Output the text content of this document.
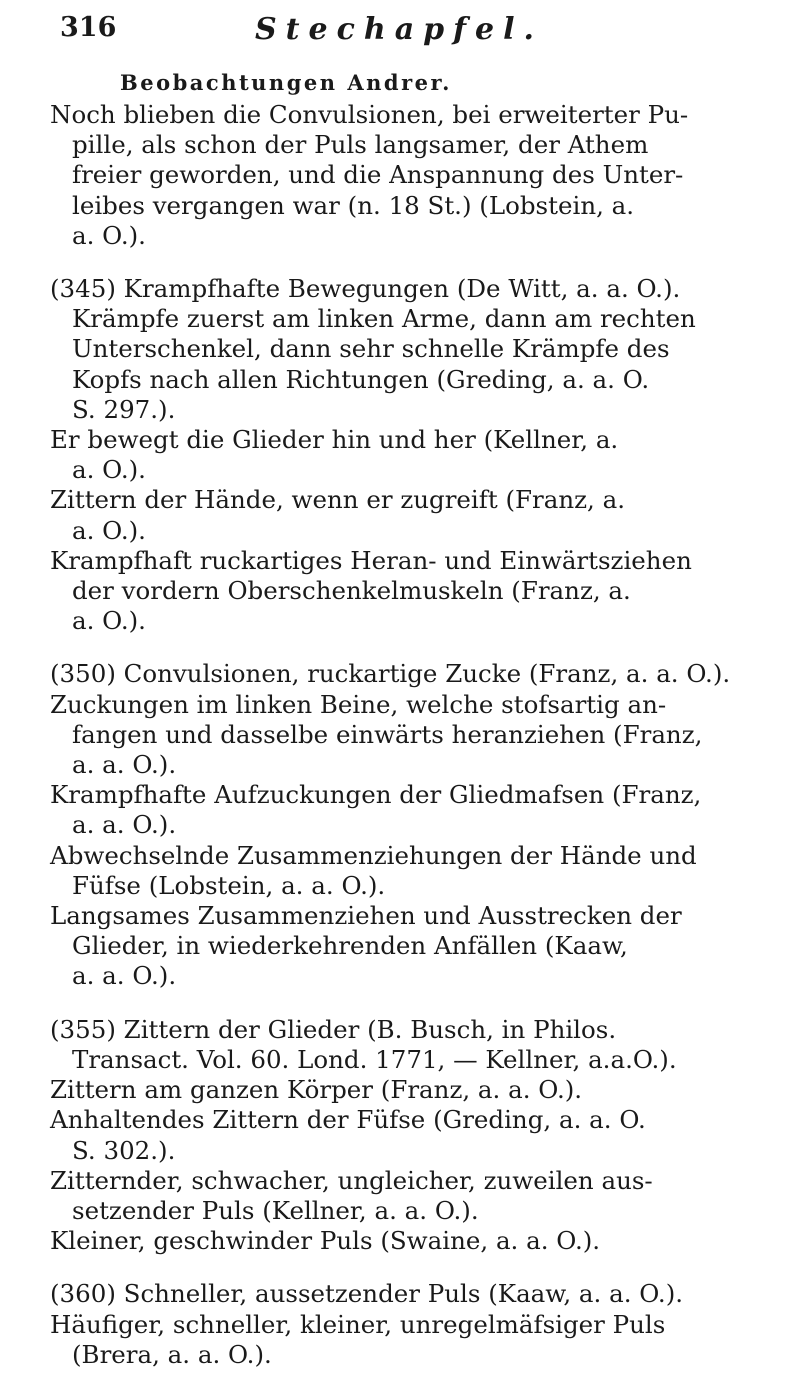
316	Stechapfel.
Beobachtungen Andrer.
Noch blieben die Convulsionen, bei erweiterter Pu-
pille, als schon der Puls langsamer, der Athem
freier geworden, und die Anspannung des Unter-
leibes vergangen war (n. 18 St.) (Lobstein, a.
a. O.).
(345) Krampfhafte Bewegungen (De Witt, a. a. O.).
Krämpfe zuerst am linken Arme, dann am rechten
Unterschenkel, dann sehr schnelle Krämpfe des
Kopfs nach allen Richtungen (Greding, a. a. O.
S. 297.).
Er bewegt die Glieder hin und her (Kellner, a.
a. O.).
Zittern der Hände, wenn er zugreift (Franz, a.
a. O.).
Krampfhaft ruckartiges Heran- und Einwärtsziehen
der vordern Oberschenkelmuskeln (Franz, a.
a. O.).
(350) Convulsionen, ruckartige Zucke (Franz, a. a. O.).
Zuckungen im linken Beine, welche stofsartig an-
fangen und dasselbe einwärts heranziehen (Franz,
a. a. O.).
Krampfhafte Aufzuckungen der Gliedmafsen (Franz,
a. a. O.).
Abwechselnde Zusammenziehungen der Hände und
Füfse (Lobstein, a. a. O.).
Langsames Zusammenziehen und Ausstrecken der
Glieder, in wiederkehrenden Anfällen (Kaaw,
a. a. O.).
(355) Zittern der Glieder (B. Busch, in Philos.
Transact. Vol. 60. Lond. 1771, — Kellner, a.a.O.).
Zittern am ganzen Körper (Franz, a. a. O.).
Anhaltendes Zittern der Füfse (Greding, a. a. O.
S. 302.).
Zitternder, schwacher, ungleicher, zuweilen aus-
setzender Puls (Kellner, a. a. O.).
Kleiner, geschwinder Puls (Swaine, a. a. O.).
(360) Schneller, aussetzender Puls (Kaaw, a. a. O.).
Häufiger, schneller, kleiner, unregelmäfsiger Puls
(Brera, a. a. O.).
